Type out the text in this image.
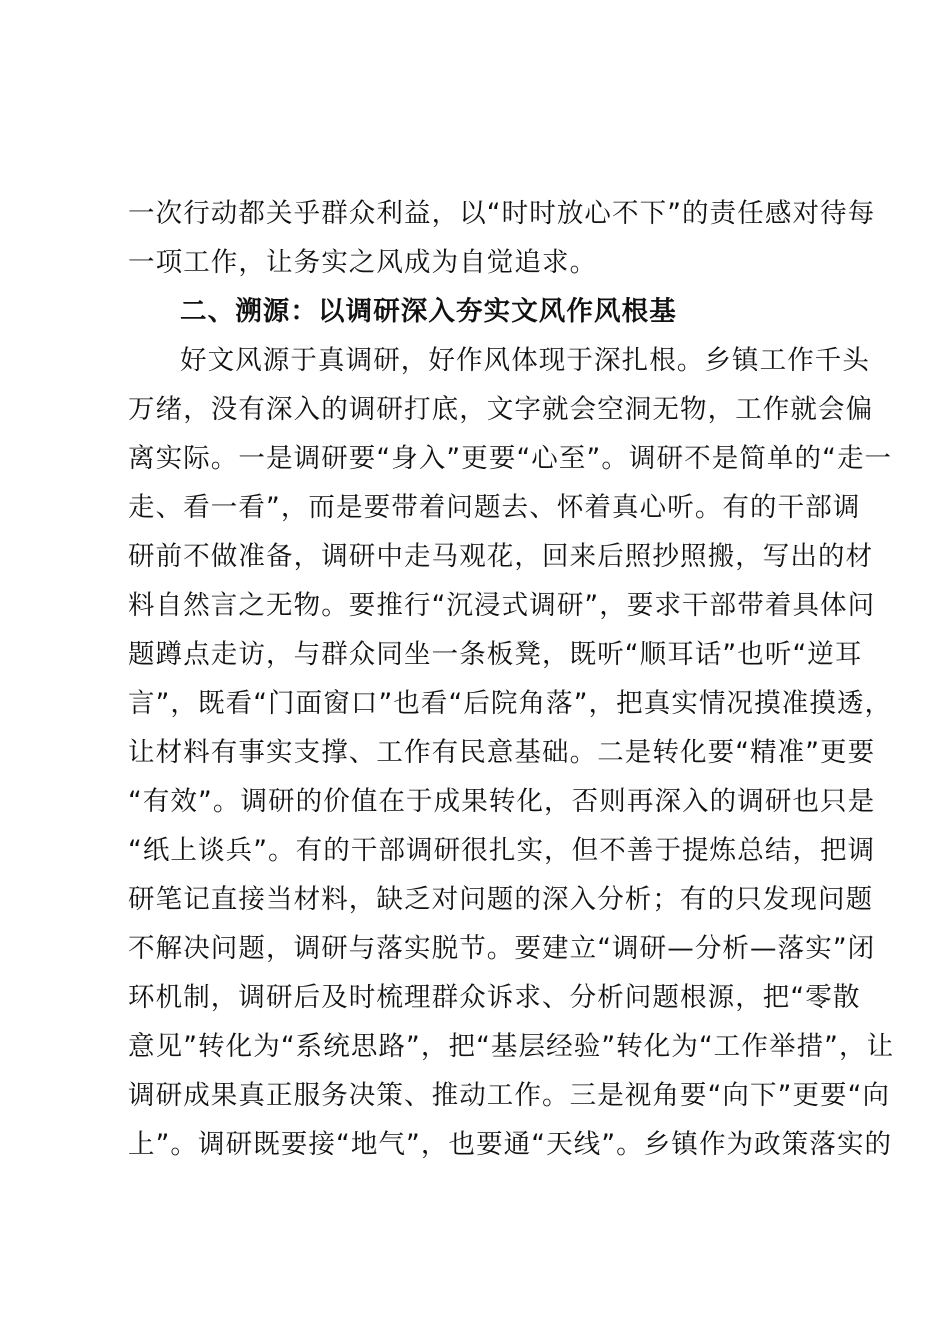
一次行动都关乎群众利益，以“时时放心不下”的责任感对待每
一项工作，让务实之风成为自觉追求。
二、溯源：以调研深入夯实文风作风根基
好文风源于真调研，好作风体现于深扎根。乡镇工作千头
万绪，没有深入的调研打底，文字就会空洞无物，工作就会偏
离实际。一是调研要“身入”更要“心至”。调研不是简单的“走一
走、看一看”，而是要带着问题去、怀着真心听。有的干部调
研前不做准备，调研中走马观花，回来后照抄照搬，写出的材
料自然言之无物。要推行“沉浸式调研”，要求干部带着具体问
题蹲点走访，与群众同坐一条板凳，既听“顺耳话”也听“逆耳
言”，既看“门面窗口”也看“后院角落”，把真实情况摸准摸透，
让材料有事实支撑、工作有民意基础。二是转化要“精准”更要
“有效”。调研的价值在于成果转化，否则再深入的调研也只是
“纸上谈兵”。有的干部调研很扎实，但不善于提炼总结，把调
研笔记直接当材料，缺乏对问题的深入分析；有的只发现问题
不解决问题，调研与落实脱节。要建立“调研—分析—落实”闭
环机制，调研后及时梳理群众诉求、分析问题根源，把“零散
意见”转化为“系统思路”，把“基层经验”转化为“工作举措”，让
调研成果真正服务决策、推动工作。三是视角要“向下”更要“向
上”。调研既要接“地气”，也要通“天线”。乡镇作为政策落实的
